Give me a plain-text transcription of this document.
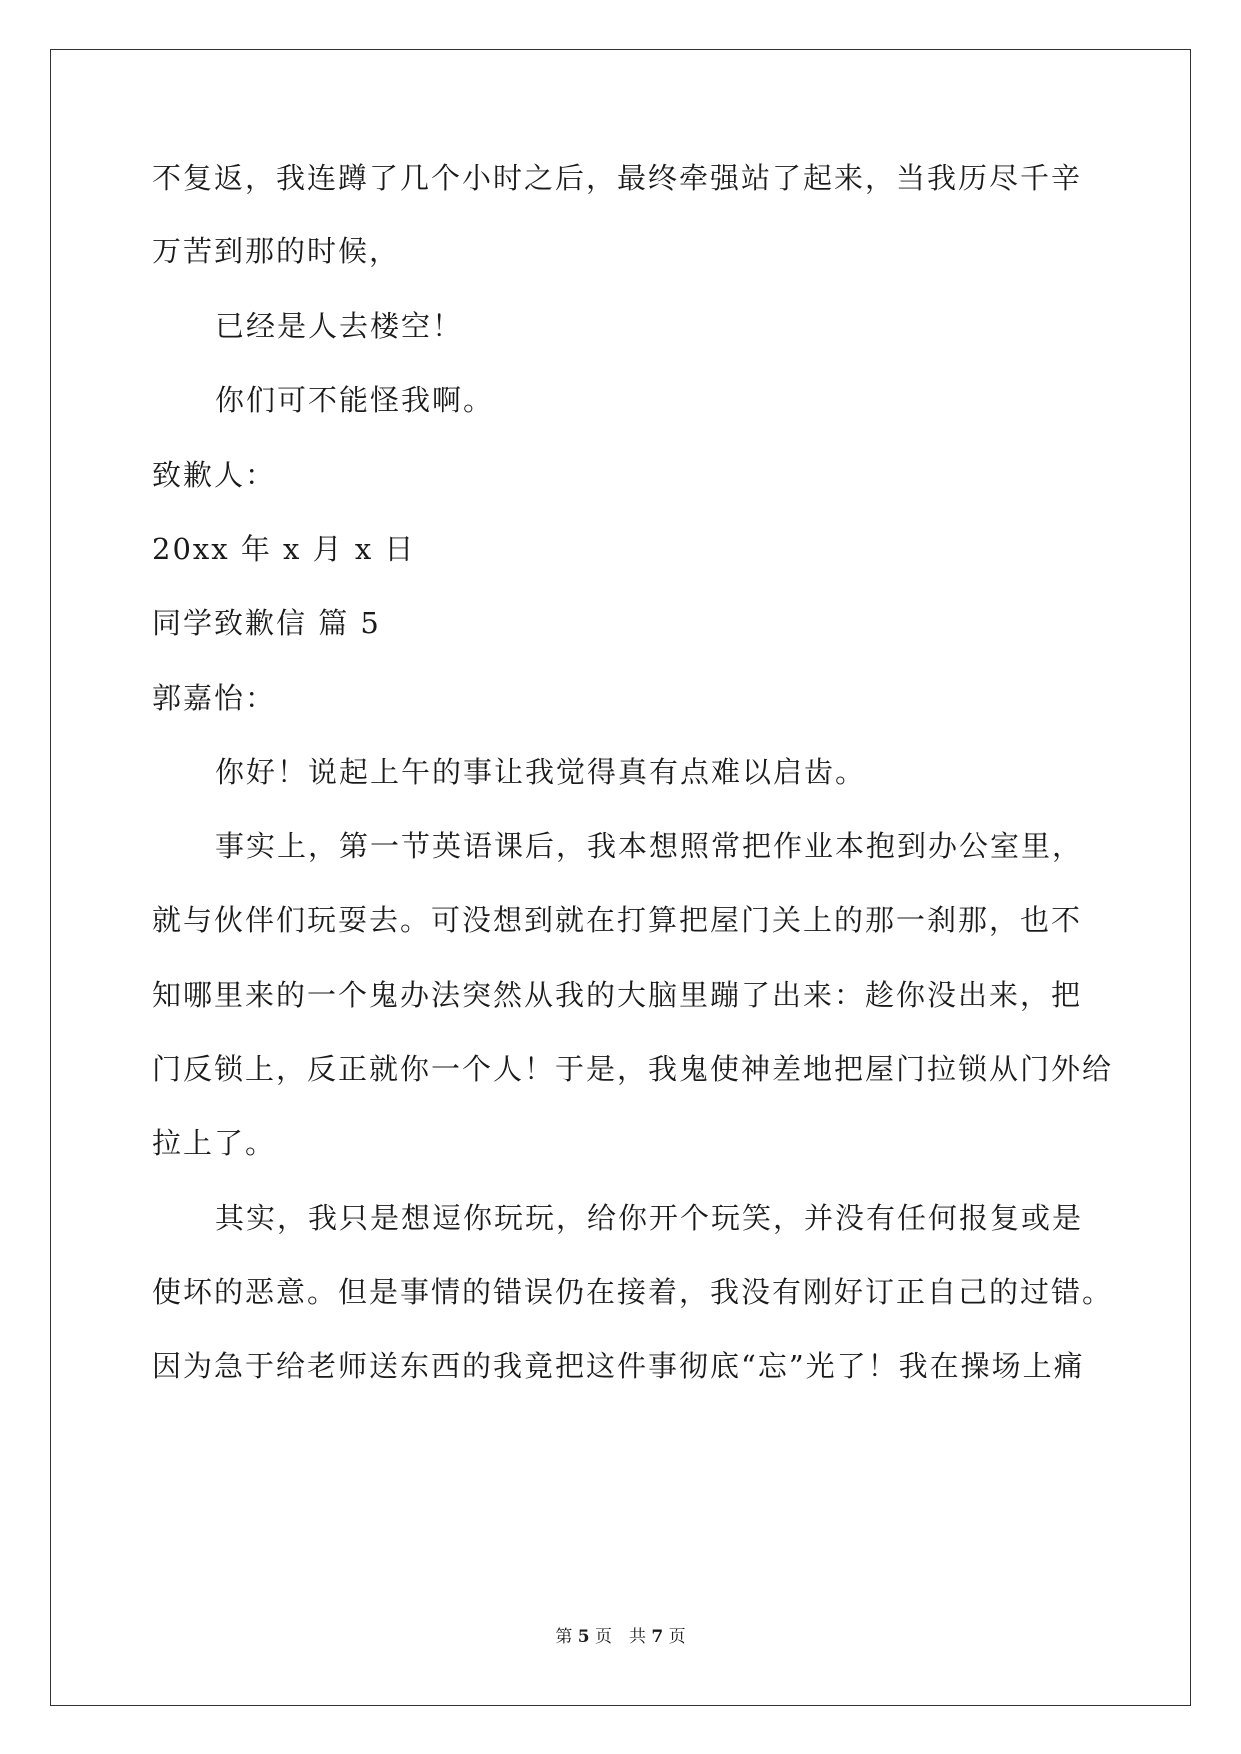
不复返，我连蹲了几个小时之后，最终牵强站了起来，当我历尽千辛
万苦到那的时候，
已经是人去楼空！
你们可不能怪我啊。
致歉人：
20xx 年 x 月 x 日
同学致歉信 篇 5
郭嘉怡：
你好！说起上午的事让我觉得真有点难以启齿。
事实上，第一节英语课后，我本想照常把作业本抱到办公室里，
就与伙伴们玩耍去。可没想到就在打算把屋门关上的那一刹那，也不
知哪里来的一个鬼办法突然从我的大脑里蹦了出来：趁你没出来，把
门反锁上，反正就你一个人！于是，我鬼使神差地把屋门拉锁从门外给
拉上了。
其实，我只是想逗你玩玩，给你开个玩笑，并没有任何报复或是
使坏的恶意。但是事情的错误仍在接着，我没有刚好订正自己的过错。
因为急于给老师送东西的我竟把这件事彻底“忘”光了！我在操场上痛
第 5 页　共 7 页
